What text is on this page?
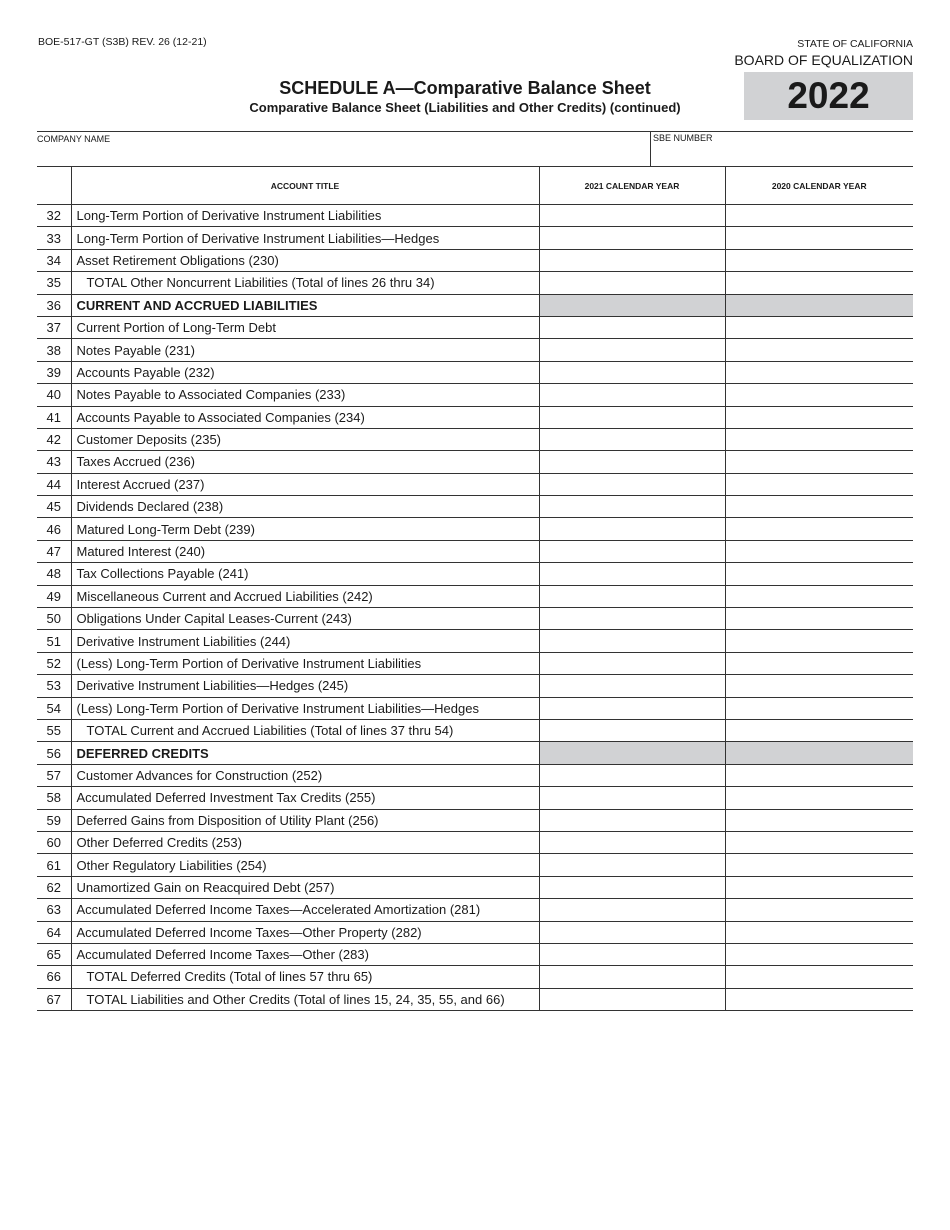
BOE-517-GT (S3B) REV. 26 (12-21)	STATE OF CALIFORNIA
BOARD OF EQUALIZATION
SCHEDULE A—Comparative Balance Sheet
Comparative Balance Sheet (Liabilities and Other Credits) (continued)	2022
COMPANY NAME	SBE NUMBER
	ACCOUNT TITLE	2021 CALENDAR YEAR	2020 CALENDAR YEAR
32	Long-Term Portion of Derivative Instrument Liabilities		
33	Long-Term Portion of Derivative Instrument Liabilities—Hedges		
34	Asset Retirement Obligations (230)		
35	TOTAL Other Noncurrent Liabilities (Total of lines 26 thru 34)		
36	CURRENT AND ACCRUED LIABILITIES		
37	Current Portion of Long-Term Debt		
38	Notes Payable (231)		
39	Accounts Payable (232)		
40	Notes Payable to Associated Companies (233)		
41	Accounts Payable to Associated Companies (234)		
42	Customer Deposits (235)		
43	Taxes Accrued (236)		
44	Interest Accrued (237)		
45	Dividends Declared (238)		
46	Matured Long-Term Debt (239)		
47	Matured Interest (240)		
48	Tax Collections Payable (241)		
49	Miscellaneous Current and Accrued Liabilities (242)		
50	Obligations Under Capital Leases-Current (243)		
51	Derivative Instrument Liabilities (244)		
52	(Less) Long-Term Portion of Derivative Instrument Liabilities		
53	Derivative Instrument Liabilities—Hedges (245)		
54	(Less) Long-Term Portion of Derivative Instrument Liabilities—Hedges		
55	TOTAL Current and Accrued Liabilities (Total of lines 37 thru 54)		
56	DEFERRED CREDITS		
57	Customer Advances for Construction (252)		
58	Accumulated Deferred Investment Tax Credits (255)		
59	Deferred Gains from Disposition of Utility Plant (256)		
60	Other Deferred Credits (253)		
61	Other Regulatory Liabilities (254)		
62	Unamortized Gain on Reacquired Debt (257)		
63	Accumulated Deferred Income Taxes—Accelerated Amortization (281)		
64	Accumulated Deferred Income Taxes—Other Property (282)		
65	Accumulated Deferred Income Taxes—Other (283)		
66	TOTAL Deferred Credits (Total of lines 57 thru 65)		
67	TOTAL Liabilities and Other Credits (Total of lines 15, 24, 35, 55, and 66)		
